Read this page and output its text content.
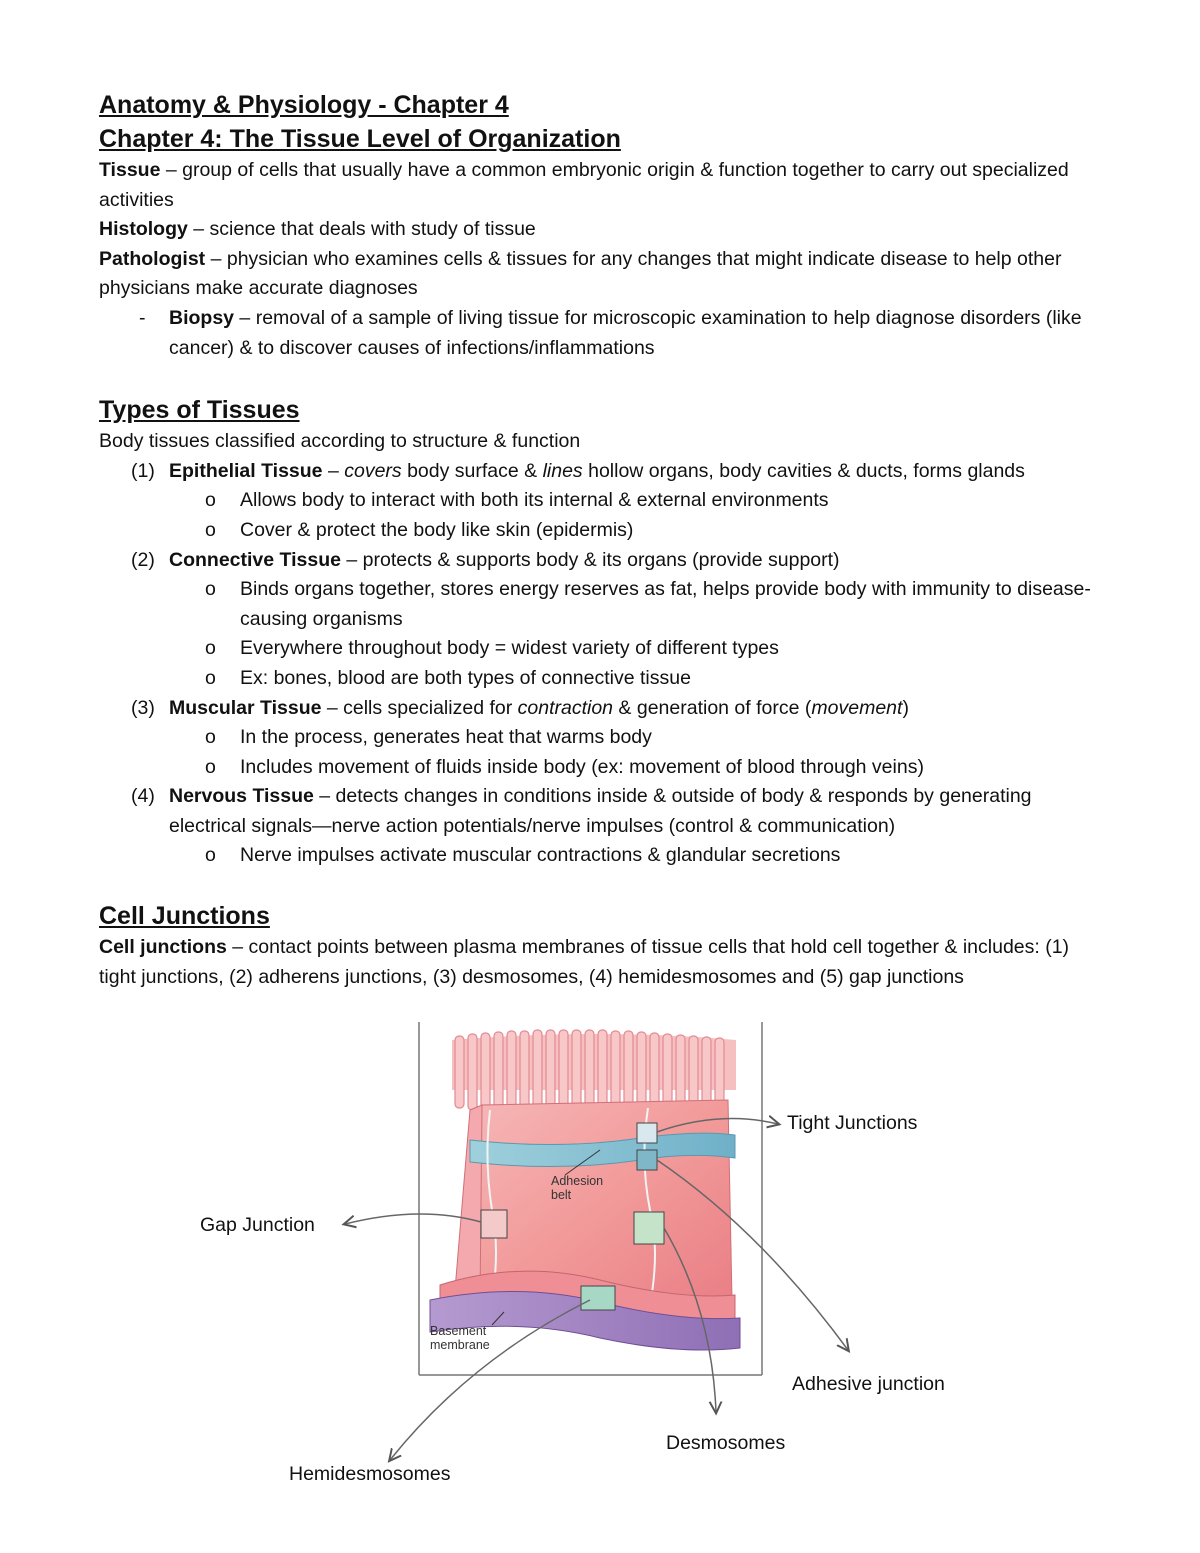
Anatomy & Physiology - Chapter 4

Chapter 4: The Tissue Level of Organization

Tissue – group of cells that usually have a common embryonic origin & function together to carry out specialized activities

Histology – science that deals with study of tissue

Pathologist – physician who examines cells & tissues for any changes that might indicate disease to help other physicians make accurate diagnoses

- Biopsy – removal of a sample of living tissue for microscopic examination to help diagnose disorders (like cancer) & to discover causes of infections/inflammations

Types of Tissues

Body tissues classified according to structure & function

(1) Epithelial Tissue – covers body surface & lines hollow organs, body cavities & ducts, forms glands

o Allows body to interact with both its internal & external environments

o Cover & protect the body like skin (epidermis)

(2) Connective Tissue – protects & supports body & its organs (provide support)

o Binds organs together, stores energy reserves as fat, helps provide body with immunity to disease-causing organisms

o Everywhere throughout body = widest variety of different types

o Ex: bones, blood are both types of connective tissue

(3) Muscular Tissue – cells specialized for contraction & generation of force (movement)

o In the process, generates heat that warms body

o Includes movement of fluids inside body (ex: movement of blood through veins)

(4) Nervous Tissue – detects changes in conditions inside & outside of body & responds by generating electrical signals—nerve action potentials/nerve impulses (control & communication)

o Nerve impulses activate muscular contractions & glandular secretions

Cell Junctions

Cell junctions – contact points between plasma membranes of tissue cells that hold cell together & includes: (1) tight junctions, (2) adherens junctions, (3) desmosomes, (4) hemidesmosomes and (5) gap junctions

Adhesion belt
Basement membrane
Tight Junctions
Gap Junction
Adhesive junction
Desmosomes
Hemidesmosomes
